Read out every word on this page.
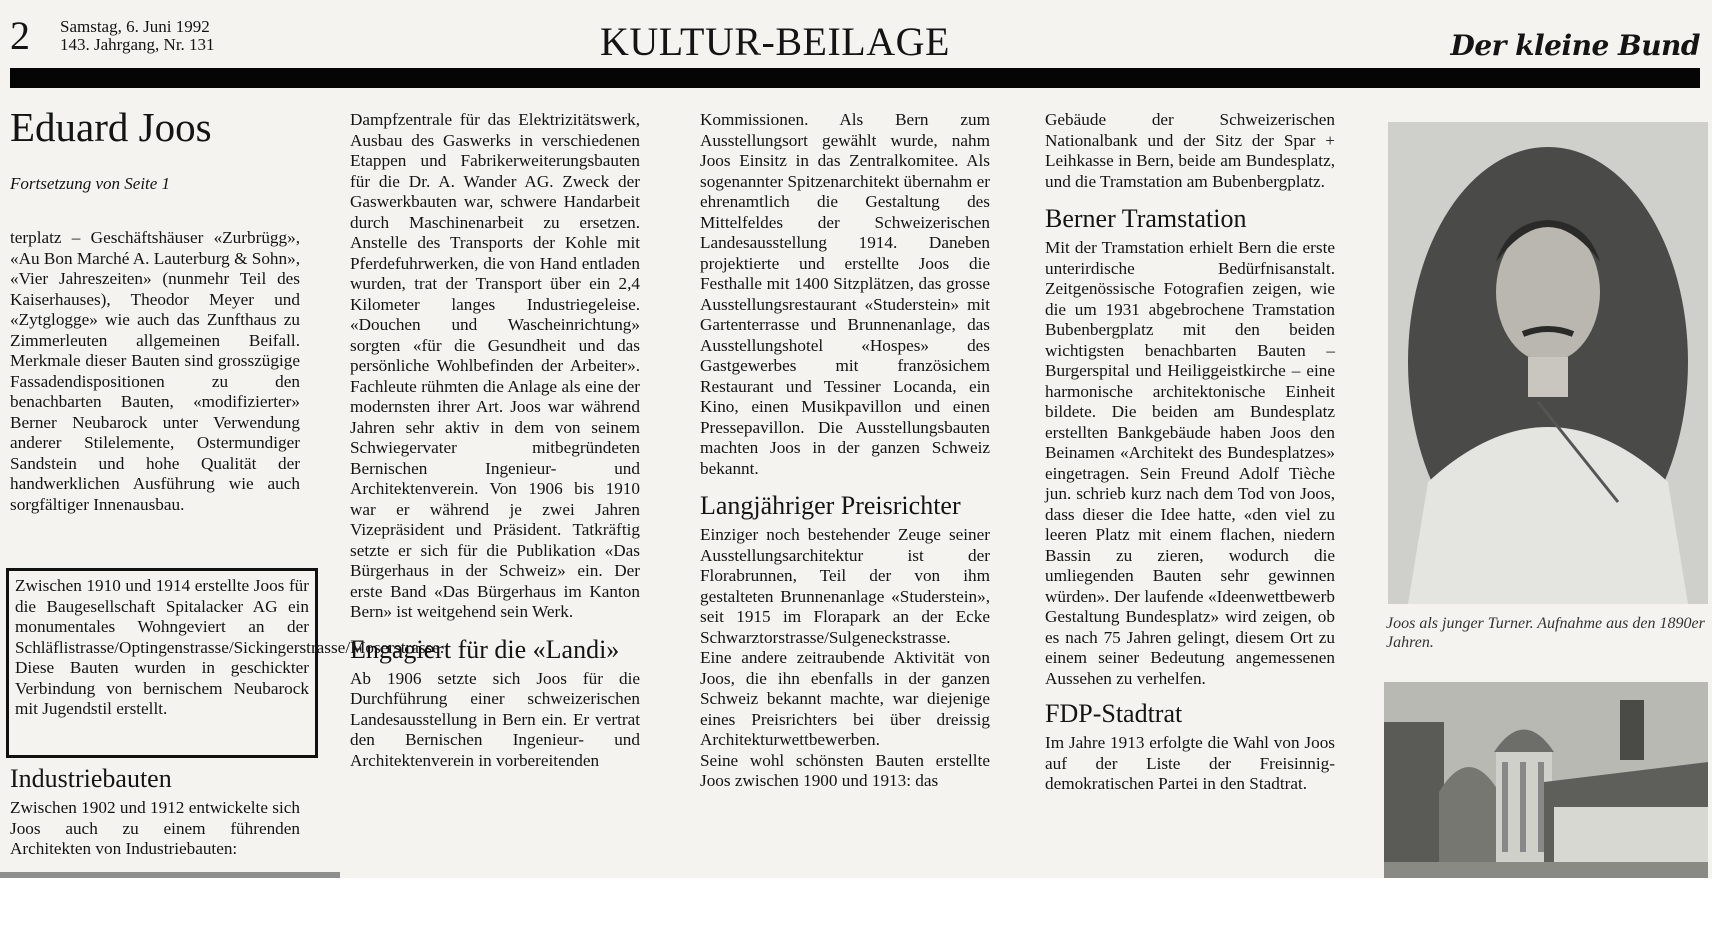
2 Samstag, 6. Juni 1992
143. Jahrgang, Nr. 131	KULTUR-BEILAGE	Der kleine Bund
Eduard Joos
Fortsetzung von Seite 1

terplatz – Geschäftshäuser «Zurbrügg», «Au Bon Marché A. Lauterburg & Sohn», «Vier Jahreszeiten» (nunmehr Teil des Kaiserhauses), Theodor Meyer und «Zytglogge» wie auch das Zunfthaus zu Zimmerleuten allgemeinen Beifall. Merkmale dieser Bauten sind grosszügige Fassadendispositionen zu den benachbarten Bauten, «modifizierter» Berner Neubarock unter Verwendung anderer Stilelemente, Ostermundiger Sandstein und hohe Qualität der handwerklichen Ausführung wie auch sorgfältiger Innenausbau.

Zwischen 1910 und 1914 erstellte Joos für die Baugesellschaft Spitalacker AG ein monumentales Wohngeviert an der Schläflistrasse/Optingenstrasse/Sickingerstrasse/Moserstrasse. Diese Bauten wurden in geschickter Verbindung von bernischem Neubarock mit Jugendstil erstellt.

Industriebauten

Zwischen 1902 und 1912 entwickelte sich Joos auch zu einem führenden Architekten von Industriebauten:

Dampfzentrale für das Elektrizitätswerk, Ausbau des Gaswerks in verschiedenen Etappen und Fabrikerweiterungsbauten für die Dr. A. Wander AG. Zweck der Gaswerkbauten war, schwere Handarbeit durch Maschinenarbeit zu ersetzen. Anstelle des Transports der Kohle mit Pferdefuhrwerken, die von Hand entladen wurden, trat der Transport über ein 2,4 Kilometer langes Industriegeleise. «Douchen und Wascheinrichtung» sorgten «für die Gesundheit und das persönliche Wohlbefinden der Arbeiter». Fachleute rühmten die Anlage als eine der modernsten ihrer Art. Joos war während Jahren sehr aktiv in dem von seinem Schwiegervater mitbegründeten Bernischen Ingenieur- und Architektenverein. Von 1906 bis 1910 war er während je zwei Jahren Vizepräsident und Präsident. Tatkräftig setzte er sich für die Publikation «Das Bürgerhaus in der Schweiz» ein. Der erste Band «Das Bürgerhaus im Kanton Bern» ist weitgehend sein Werk.

Engagiert für die «Landi»

Ab 1906 setzte sich Joos für die Durchführung einer schweizerischen Landesausstellung in Bern ein. Er vertrat den Bernischen Ingenieur- und Architektenverein in vorbereitenden

Kommissionen. Als Bern zum Ausstellungsort gewählt wurde, nahm Joos Einsitz in das Zentralkomitee. Als sogenannter Spitzenarchitekt übernahm er ehrenamtlich die Gestaltung des Mittelfeldes der Schweizerischen Landesausstellung 1914. Daneben projektierte und erstellte Joos die Festhalle mit 1400 Sitzplätzen, das grosse Ausstellungsrestaurant «Studerstein» mit Gartenterrasse und Brunnenanlage, das Ausstellungshotel «Hospes» des Gastgewerbes mit französichem Restaurant und Tessiner Locanda, ein Kino, einen Musikpavillon und einen Pressepavillon. Die Ausstellungsbauten machten Joos in der ganzen Schweiz bekannt.

Langjähriger Preisrichter

Einziger noch bestehender Zeuge seiner Ausstellungsarchitektur ist der Florabrunnen, Teil der von ihm gestalteten Brunnenanlage «Studerstein», seit 1915 im Florapark an der Ecke Schwarztorstrasse/Sulgeneckstrasse.

Eine andere zeitraubende Aktivität von Joos, die ihn ebenfalls in der ganzen Schweiz bekannt machte, war diejenige eines Preisrichters bei über dreissig Architekturwettbewerben.

Seine wohl schönsten Bauten erstellte Joos zwischen 1900 und 1913: das

Gebäude der Schweizerischen Nationalbank und der Sitz der Spar + Leihkasse in Bern, beide am Bundesplatz, und die Tramstation am Bubenbergplatz.

Berner Tramstation

Mit der Tramstation erhielt Bern die erste unterirdische Bedürfnisanstalt. Zeitgenössische Fotografien zeigen, wie die um 1931 abgebrochene Tramstation Bubenbergplatz mit den beiden wichtigsten benachbarten Bauten – Burgerspital und Heiliggeistkirche – eine harmonische architektonische Einheit bildete. Die beiden am Bundesplatz erstellten Bankgebäude haben Joos den Beinamen «Architekt des Bundesplatzes» eingetragen. Sein Freund Adolf Tièche jun. schrieb kurz nach dem Tod von Joos, dass dieser die Idee hatte, «den viel zu leeren Platz mit einem flachen, niedern Bassin zu zieren, wodurch die umliegenden Bauten sehr gewinnen würden». Der laufende «Ideenwettbewerb Gestaltung Bundesplatz» wird zeigen, ob es nach 75 Jahren gelingt, diesem Ort zu einem seiner Bedeutung angemessenen Aussehen zu verhelfen.

FDP-Stadtrat

Im Jahre 1913 erfolgte die Wahl von Joos auf der Liste der Freisinnig-demokratischen Partei in den Stadtrat.

Joos als junger Turner. Aufnahme aus den 1890er Jahren.
